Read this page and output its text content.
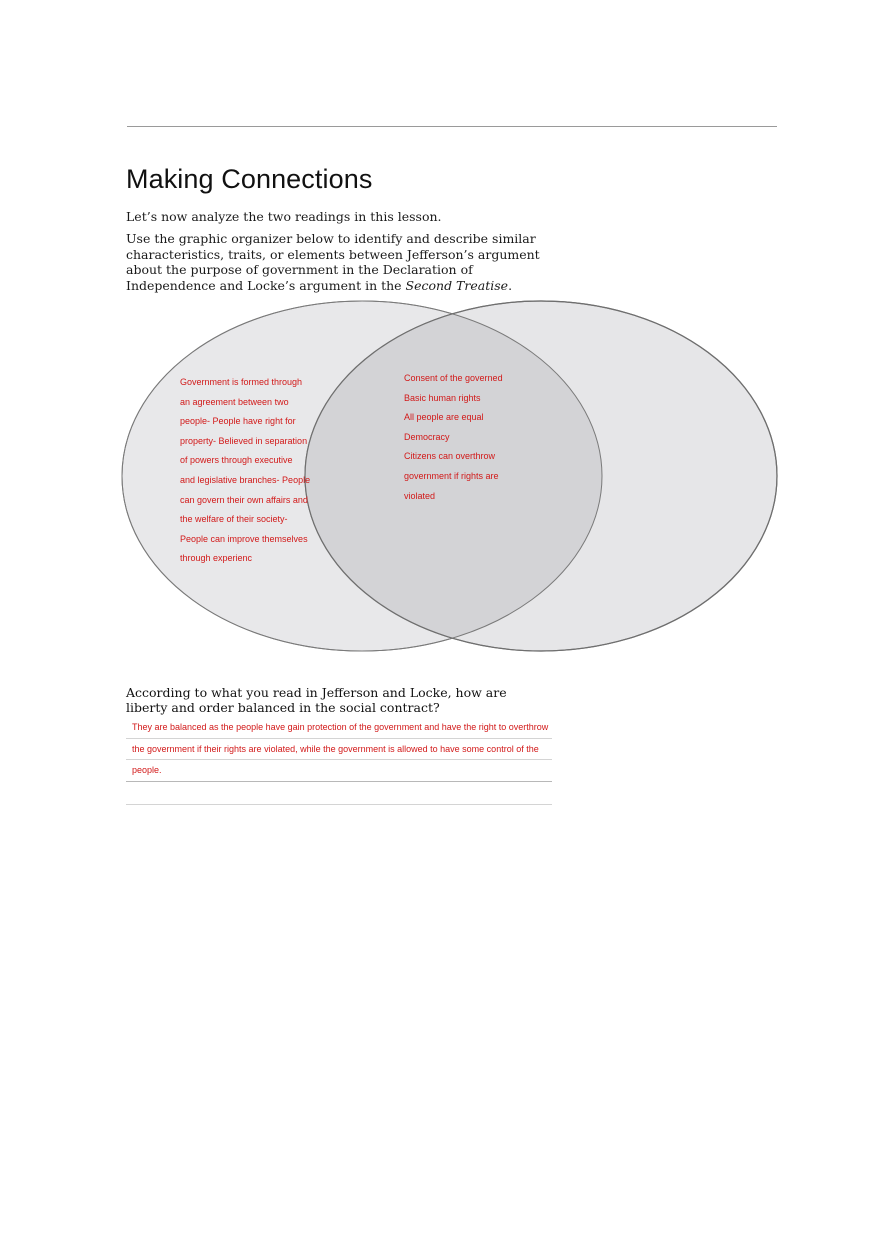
Making Connections

Let’s now analyze the two readings in this lesson.

Use the graphic organizer below to identify and describe similar characteristics, traits, or elements between Jefferson’s argument about the purpose of government in the Declaration of Independence and Locke’s argument in the Second Treatise.

Government is formed through
an agreement between two
people- People have right for
property- Believed in separation
of powers through executive
and legislative branches- People
can govern their own affairs and
the welfare of their society-
People can improve themselves
through experienc
Consent of the governed
Basic human rights
All people are equal
Democracy
Citizens can overthrow
government if rights are
violated

According to what you read in Jefferson and Locke, how are liberty and order balanced in the social contract?

They are balanced as the people have gain protection of the government and have the right to overthrow
the government if their rights are violated, while the government is allowed to have some control of the
people.
